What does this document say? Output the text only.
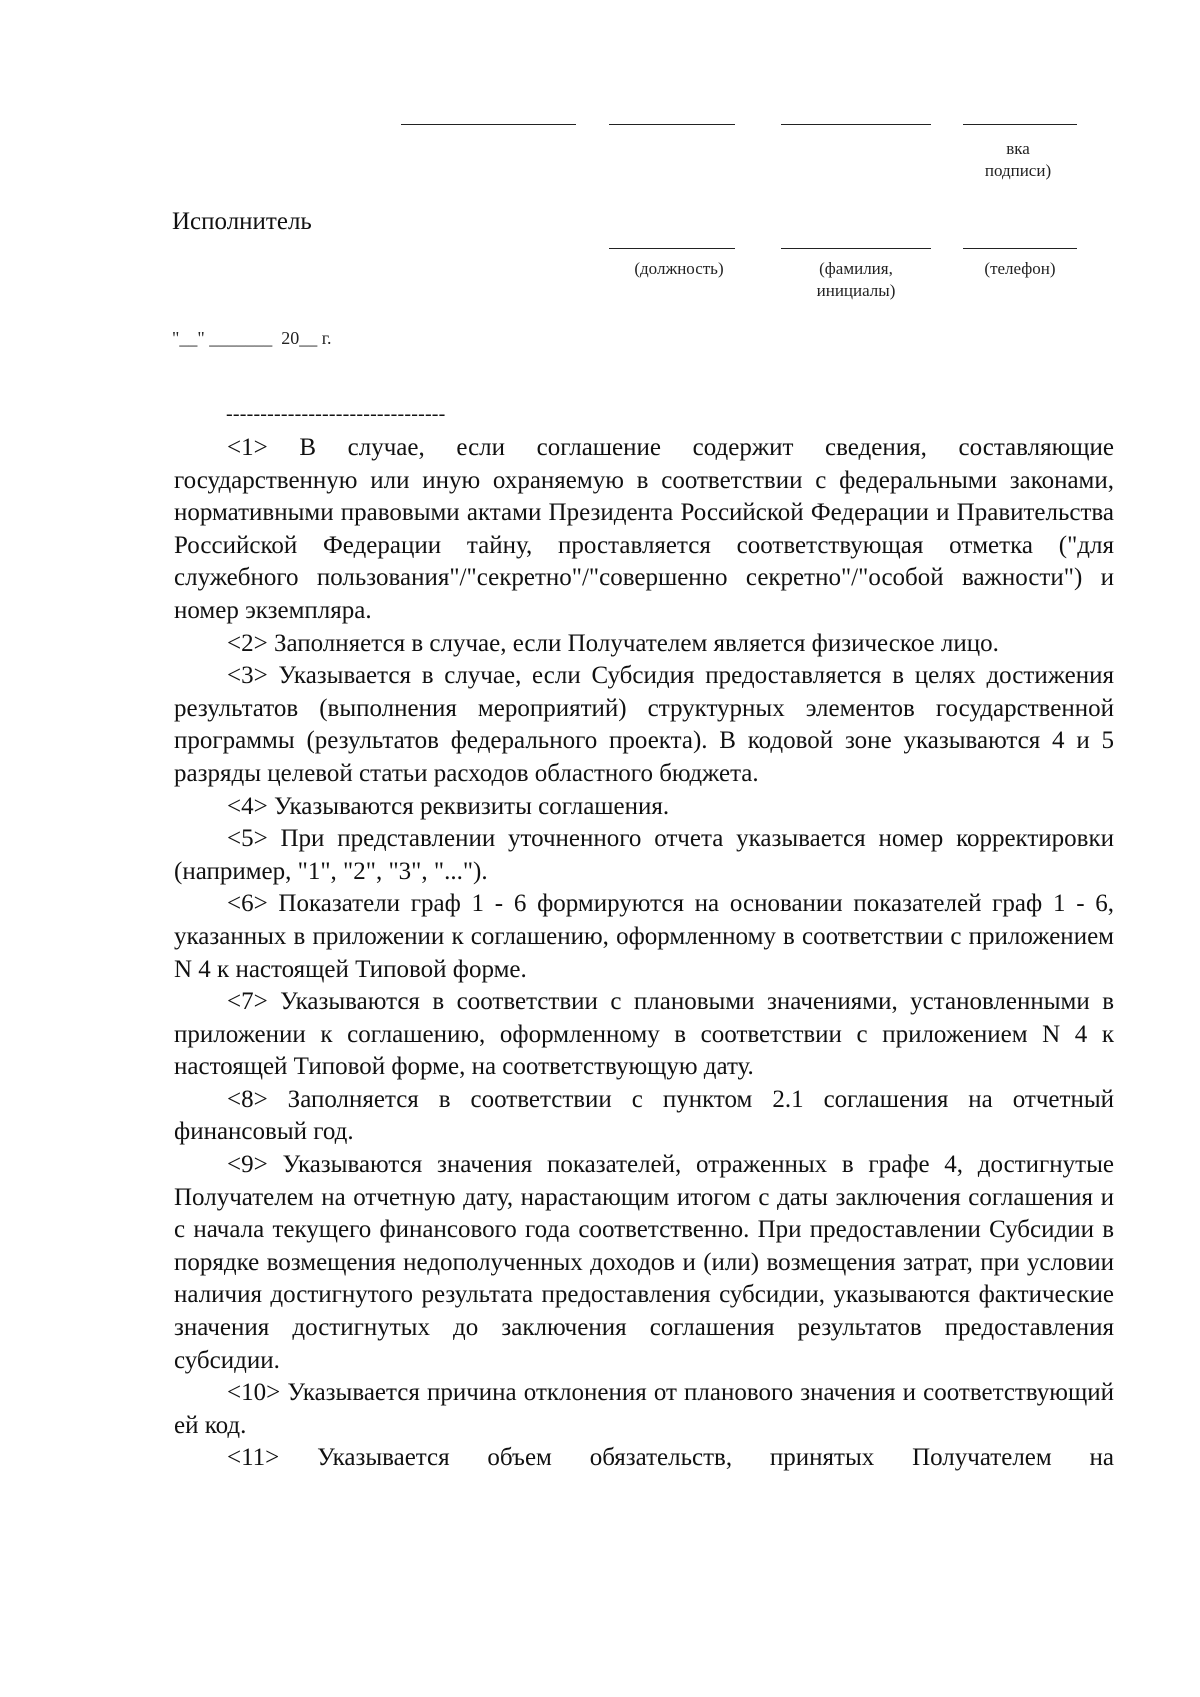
вка
подписи)
Исполнитель
(должность)	(фамилия,
инициалы)
(телефон)
"__" _______  20__ г.
--------------------------------

<1> В случае, если соглашение содержит сведения, составляющие государственную или иную охраняемую в соответствии с федеральными законами, нормативными правовыми актами Президента Российской Федерации и Правительства Российской Федерации тайну, проставляется соответствующая отметка ("для служебного пользования"/"секретно"/"совершенно секретно"/"особой важности") и номер экземпляра.

<2> Заполняется в случае, если Получателем является физическое лицо.

<3> Указывается в случае, если Субсидия предоставляется в целях достижения результатов (выполнения мероприятий) структурных элементов государственной программы (результатов федерального проекта). В кодовой зоне указываются 4 и 5 разряды целевой статьи расходов областного бюджета.

<4> Указываются реквизиты соглашения.

<5> При представлении уточненного отчета указывается номер корректировки (например, "1", "2", "3", "...").

<6> Показатели граф 1 - 6 формируются на основании показателей граф 1 - 6, указанных в приложении к соглашению, оформленному в соответствии с приложением N 4 к настоящей Типовой форме.

<7> Указываются в соответствии с плановыми значениями, установленными в приложении к соглашению, оформленному в соответствии с приложением N 4 к настоящей Типовой форме, на соответствующую дату.

<8> Заполняется в соответствии с пунктом 2.1 соглашения на отчетный финансовый год.

<9> Указываются значения показателей, отраженных в графе 4, достигнутые Получателем на отчетную дату, нарастающим итогом с даты заключения соглашения и с начала текущего финансового года соответственно. При предоставлении Субсидии в порядке возмещения недополученных доходов и (или) возмещения затрат, при условии наличия достигнутого результата предоставления субсидии, указываются фактические значения достигнутых до заключения соглашения результатов предоставления субсидии.

<10> Указывается причина отклонения от планового значения и соответствующий ей код.

<11> Указывается объем обязательств, принятых Получателем на
